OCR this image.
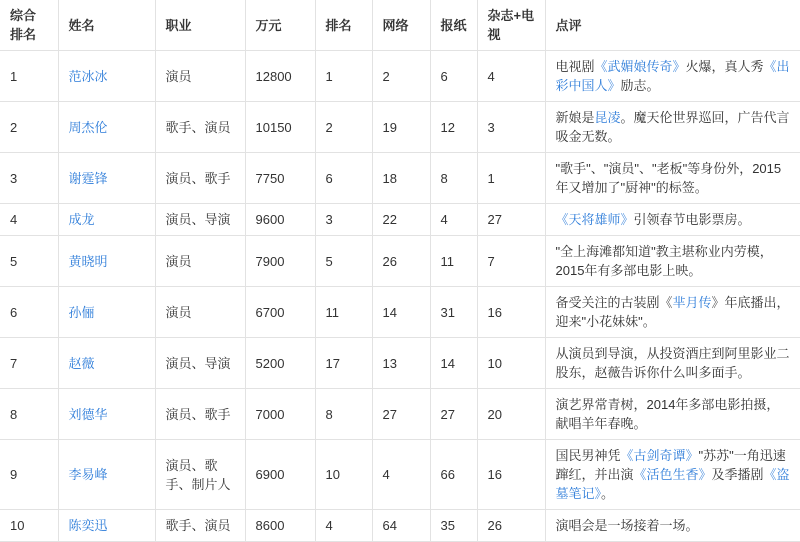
综合排名	姓名	职业	万元	排名	网络	报纸	杂志+电视	点评
1	范冰冰	演员	12800	1	2	6	4	电视剧《武媚娘传奇》火爆，真人秀《出彩中国人》励志。
2	周杰伦	歌手、演员	10150	2	19	12	3	新娘是昆凌。魔天伦世界巡回，广告代言吸金无数。
3	谢霆锋	演员、歌手	7750	6	18	8	1	"歌手"、"演员"、"老板"等身份外，2015年又增加了"厨神"的标签。
4	成龙	演员、导演	9600	3	22	4	27	《天将雄师》引领春节电影票房。
5	黄晓明	演员	7900	5	26	11	7	"全上海滩都知道"教主堪称业内劳模，2015年有多部电影上映。
6	孙俪	演员	6700	11	14	31	16	备受关注的古装剧《芈月传》年底播出，迎来"小花妹妹"。
7	赵薇	演员、导演	5200	17	13	14	10	从演员到导演，从投资酒庄到阿里影业二股东，赵薇告诉你什么叫多面手。
8	刘德华	演员、歌手	7000	8	27	27	20	演艺界常青树，2014年多部电影拍摄，献唱羊年春晚。
9	李易峰	演员、歌手、制片人	6900	10	4	66	16	国民男神凭《古剑奇谭》"苏苏"一角迅速蹿红，并出演《活色生香》及季播剧《盗墓笔记》。
10	陈奕迅	歌手、演员	8600	4	64	35	26	演唱会是一场接着一场。
